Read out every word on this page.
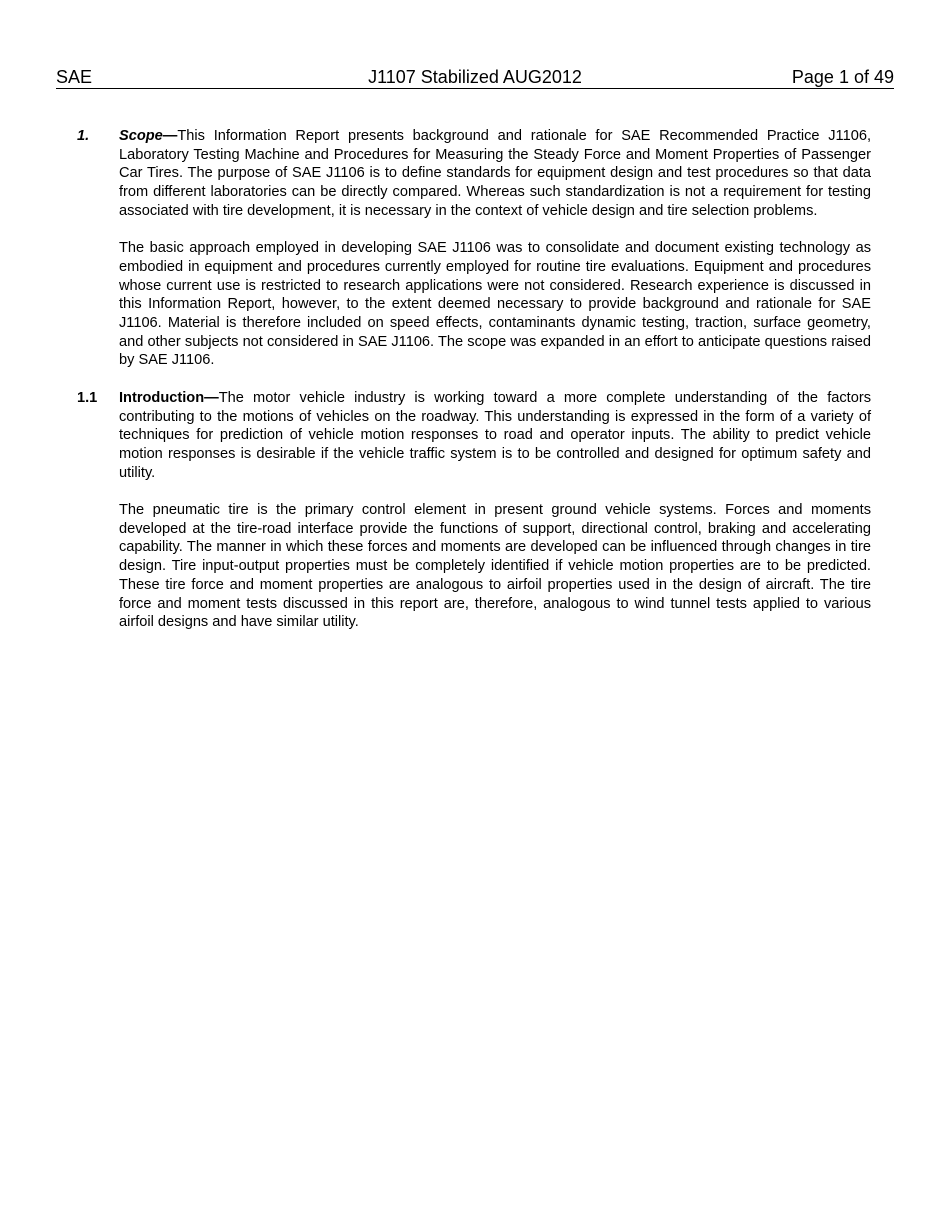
SAE	J1107 Stabilized AUG2012	Page 1 of 49
1. Scope—This Information Report presents background and rationale for SAE Recommended Practice J1106, Laboratory Testing Machine and Procedures for Measuring the Steady Force and Moment Properties of Passenger Car Tires. The purpose of SAE J1106 is to define standards for equipment design and test procedures so that data from different laboratories can be directly compared. Whereas such standardization is not a requirement for testing associated with tire development, it is necessary in the context of vehicle design and tire selection problems.

The basic approach employed in developing SAE J1106 was to consolidate and document existing technology as embodied in equipment and procedures currently employed for routine tire evaluations. Equipment and procedures whose current use is restricted to research applications were not considered. Research experience is discussed in this Information Report, however, to the extent deemed necessary to provide background and rationale for SAE J1106. Material is therefore included on speed effects, contaminants dynamic testing, traction, surface geometry, and other subjects not considered in SAE J1106. The scope was expanded in an effort to anticipate questions raised by SAE J1106.

1.1 Introduction—The motor vehicle industry is working toward a more complete understanding of the factors contributing to the motions of vehicles on the roadway. This understanding is expressed in the form of a variety of techniques for prediction of vehicle motion responses to road and operator inputs. The ability to predict vehicle motion responses is desirable if the vehicle traffic system is to be controlled and designed for optimum safety and utility.

The pneumatic tire is the primary control element in present ground vehicle systems. Forces and moments developed at the tire-road interface provide the functions of support, directional control, braking and accelerating capability. The manner in which these forces and moments are developed can be influenced through changes in tire design. Tire input-output properties must be completely identified if vehicle motion properties are to be predicted. These tire force and moment properties are analogous to airfoil properties used in the design of aircraft. The tire force and moment tests discussed in this report are, therefore, analogous to wind tunnel tests applied to various airfoil designs and have similar utility.
